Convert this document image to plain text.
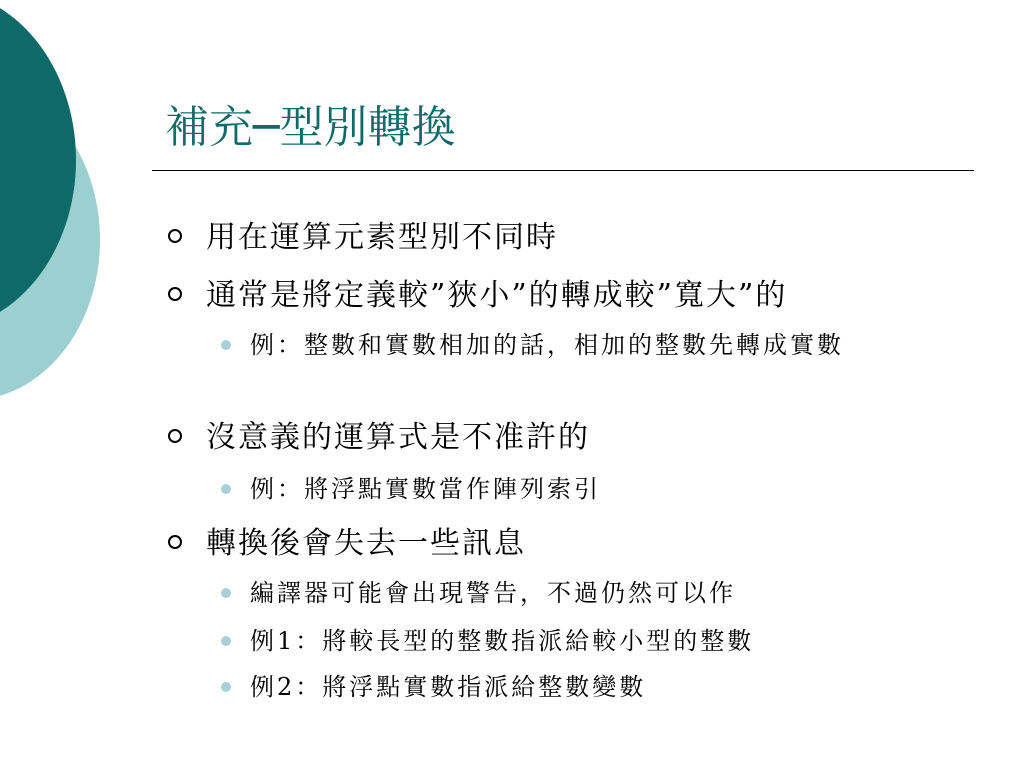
補充─型別轉換
用在運算元素型別不同時
通常是將定義較”狹小”的轉成較”寬大”的
例：整數和實數相加的話，相加的整數先轉成實數
沒意義的運算式是不准許的
例：將浮點實數當作陣列索引
轉換後會失去一些訊息
編譯器可能會出現警告，不過仍然可以作
例1：將較長型的整數指派給較小型的整數
例2：將浮點實數指派給整數變數
